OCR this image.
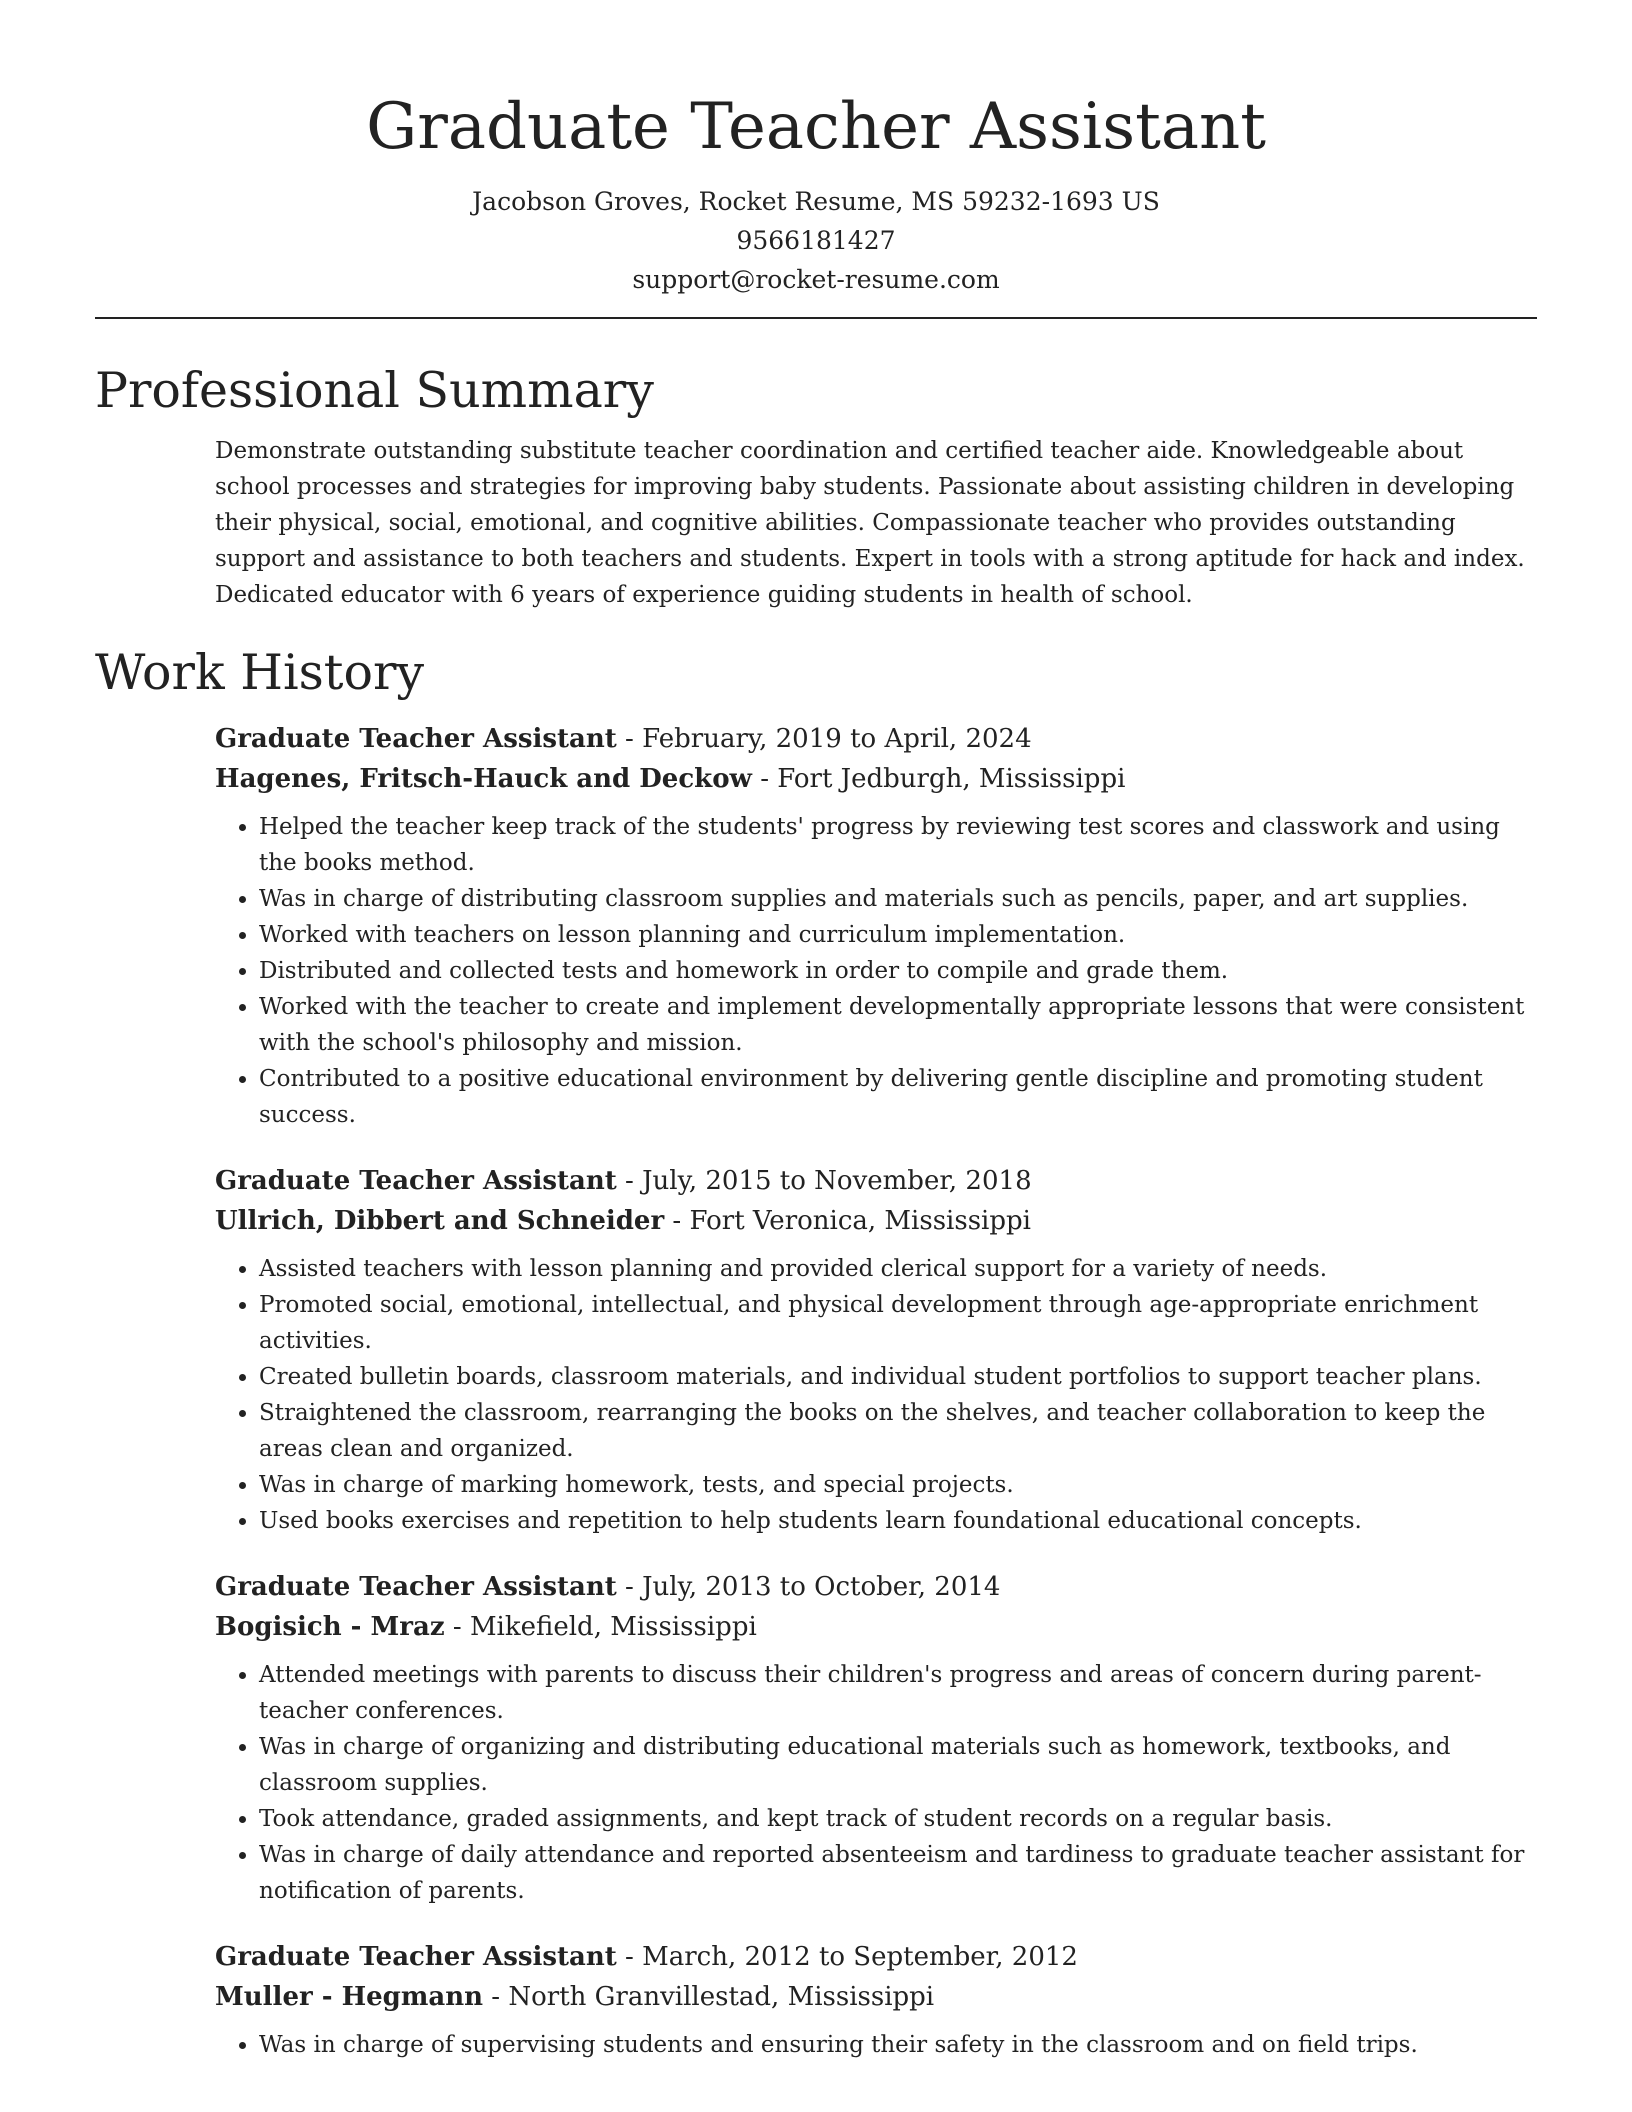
Graduate Teacher Assistant

Jacobson Groves, Rocket Resume, MS 59232-1693 US

9566181427

support@rocket-resume.com

Professional Summary

Demonstrate outstanding substitute teacher coordination and certified teacher aide. Knowledgeable about school processes and strategies for improving baby students. Passionate about assisting children in developing their physical, social, emotional, and cognitive abilities. Compassionate teacher who provides outstanding support and assistance to both teachers and students. Expert in tools with a strong aptitude for hack and index. Dedicated educator with 6 years of experience guiding students in health of school.

Work History

Graduate Teacher Assistant - February, 2019 to April, 2024

Hagenes, Fritsch-Hauck and Deckow - Fort Jedburgh, Mississippi

• Helped the teacher keep track of the students' progress by reviewing test scores and classwork and using the books method.
• Was in charge of distributing classroom supplies and materials such as pencils, paper, and art supplies.
• Worked with teachers on lesson planning and curriculum implementation.
• Distributed and collected tests and homework in order to compile and grade them.
• Worked with the teacher to create and implement developmentally appropriate lessons that were consistent with the school's philosophy and mission.
• Contributed to a positive educational environment by delivering gentle discipline and promoting student success.

Graduate Teacher Assistant - July, 2015 to November, 2018

Ullrich, Dibbert and Schneider - Fort Veronica, Mississippi

• Assisted teachers with lesson planning and provided clerical support for a variety of needs.
• Promoted social, emotional, intellectual, and physical development through age-appropriate enrichment activities.
• Created bulletin boards, classroom materials, and individual student portfolios to support teacher plans.
• Straightened the classroom, rearranging the books on the shelves, and teacher collaboration to keep the areas clean and organized.
• Was in charge of marking homework, tests, and special projects.
• Used books exercises and repetition to help students learn foundational educational concepts.

Graduate Teacher Assistant - July, 2013 to October, 2014

Bogisich - Mraz - Mikefield, Mississippi

• Attended meetings with parents to discuss their children's progress and areas of concern during parent-teacher conferences.
• Was in charge of organizing and distributing educational materials such as homework, textbooks, and classroom supplies.
• Took attendance, graded assignments, and kept track of student records on a regular basis.
• Was in charge of daily attendance and reported absenteeism and tardiness to graduate teacher assistant for notification of parents.

Graduate Teacher Assistant - March, 2012 to September, 2012

Muller - Hegmann - North Granvillestad, Mississippi

• Was in charge of supervising students and ensuring their safety in the classroom and on field trips.
